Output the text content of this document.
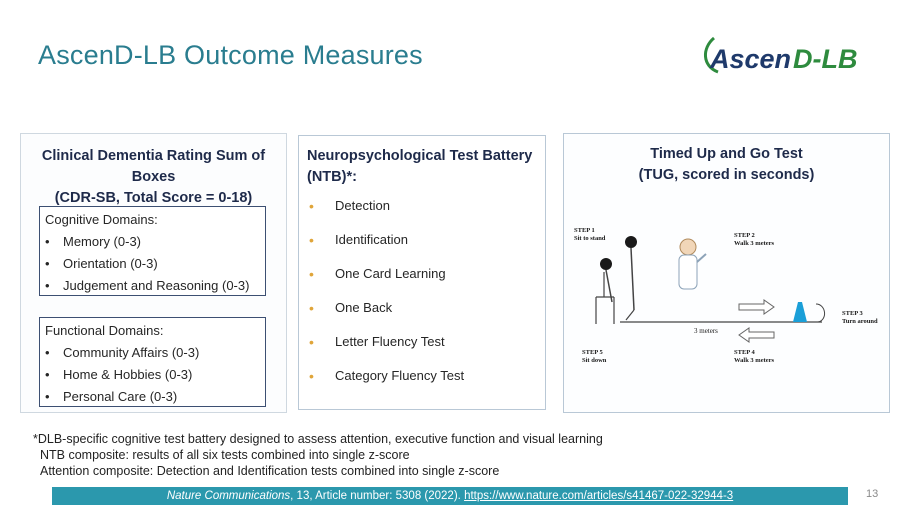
AscenD-LB Outcome Measures	Ascen D-LB
Clinical Dementia Rating Sum of Boxes
(CDR-SB, Total Score = 0-18)
Cognitive Domains:
• Memory (0-3)
• Orientation (0-3)
• Judgement and Reasoning (0-3)
Functional Domains:
• Community Affairs (0-3)
• Home & Hobbies (0-3)
• Personal Care (0-3)
Neuropsychological Test Battery
(NTB)*:
• Detection
• Identification
• One Card Learning
• One Back
• Letter Fluency Test
• Category Fluency Test
Timed Up and Go Test
(TUG, scored in seconds)
STEP 1
Sit to stand	STEP 2
Walk 3 meters
STEP 3
Turn around
STEP 4
Walk 3 meters
STEP 5
Sit down
3 meters
*DLB-specific cognitive test battery designed to assess attention, executive function and visual learning
NTB composite: results of all six tests combined into single z-score
Attention composite: Detection and Identification tests combined into single z-score
Nature Communications, 13, Article number: 5308 (2022). https://www.nature.com/articles/s41467-022-32944-3	13
